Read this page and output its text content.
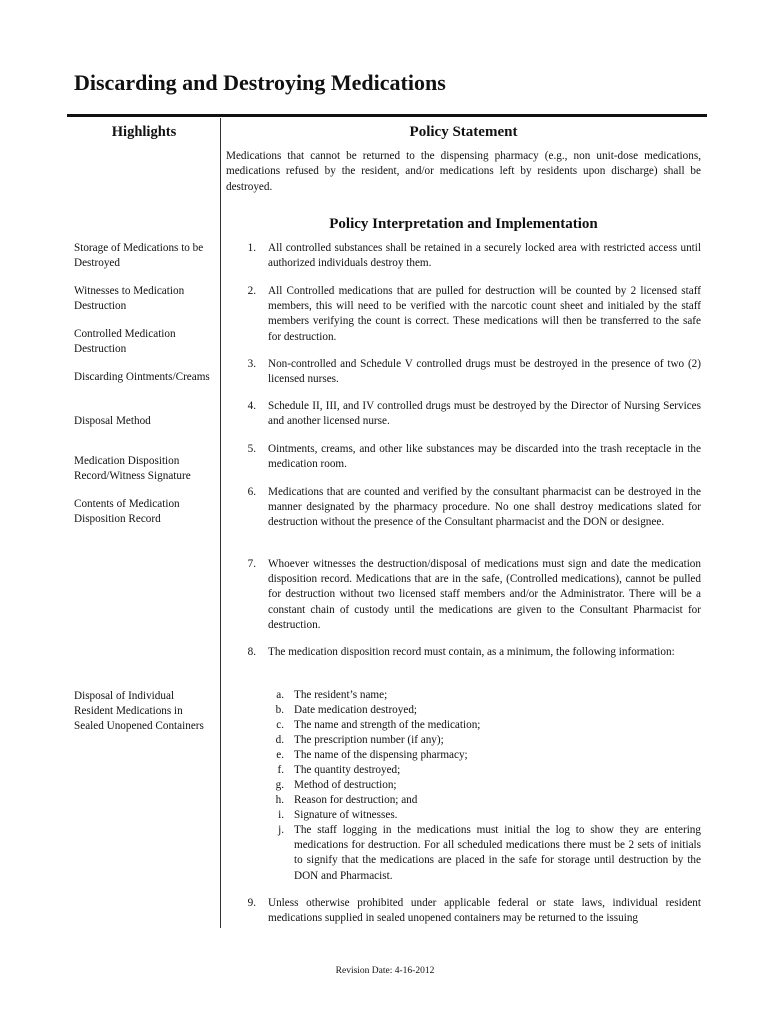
Discarding and Destroying Medications
Highlights	Policy Statement
Medications that cannot be returned to the dispensing pharmacy (e.g., non unit-dose medications, medications refused by the resident, and/or medications left by residents upon discharge) shall be destroyed.
Policy Interpretation and Implementation
Storage of Medications to be Destroyed
Witnesses to Medication Destruction
Controlled Medication Destruction
Discarding Ointments/Creams
Disposal Method
Medication Disposition Record/Witness Signature
Contents of Medication Disposition Record
Disposal of Individual Resident Medications in Sealed Unopened Containers
1. All controlled substances shall be retained in a securely locked area with restricted access until authorized individuals destroy them.
2. All Controlled medications that are pulled for destruction will be counted by 2 licensed staff members, this will need to be verified with the narcotic count sheet and initialed by the staff members verifying the count is correct. These medications will then be transferred to the safe for destruction.
3. Non-controlled and Schedule V controlled drugs must be destroyed in the presence of two (2) licensed nurses.
4. Schedule II, III, and IV controlled drugs must be destroyed by the Director of Nursing Services and another licensed nurse.
5. Ointments, creams, and other like substances may be discarded into the trash receptacle in the medication room.
6. Medications that are counted and verified by the consultant pharmacist can be destroyed in the manner designated by the pharmacy procedure. No one shall destroy medications slated for destruction without the presence of the Consultant pharmacist and the DON or designee.
7. Whoever witnesses the destruction/disposal of medications must sign and date the medication disposition record. Medications that are in the safe, (Controlled medications), cannot be pulled for destruction without two licensed staff members and/or the Administrator. There will be a constant chain of custody until the medications are given to the Consultant Pharmacist for destruction.
8. The medication disposition record must contain, as a minimum, the following information:
a. The resident’s name;
b. Date medication destroyed;
c. The name and strength of the medication;
d. The prescription number (if any);
e. The name of the dispensing pharmacy;
f. The quantity destroyed;
g. Method of destruction;
h. Reason for destruction; and
i. Signature of witnesses.
j. The staff logging in the medications must initial the log to show they are entering medications for destruction. For all scheduled medications there must be 2 sets of initials to signify that the medications are placed in the safe for storage until destruction by the DON and Pharmacist.
9. Unless otherwise prohibited under applicable federal or state laws, individual resident medications supplied in sealed unopened containers may be returned to the issuing
Revision Date: 4-16-2012
